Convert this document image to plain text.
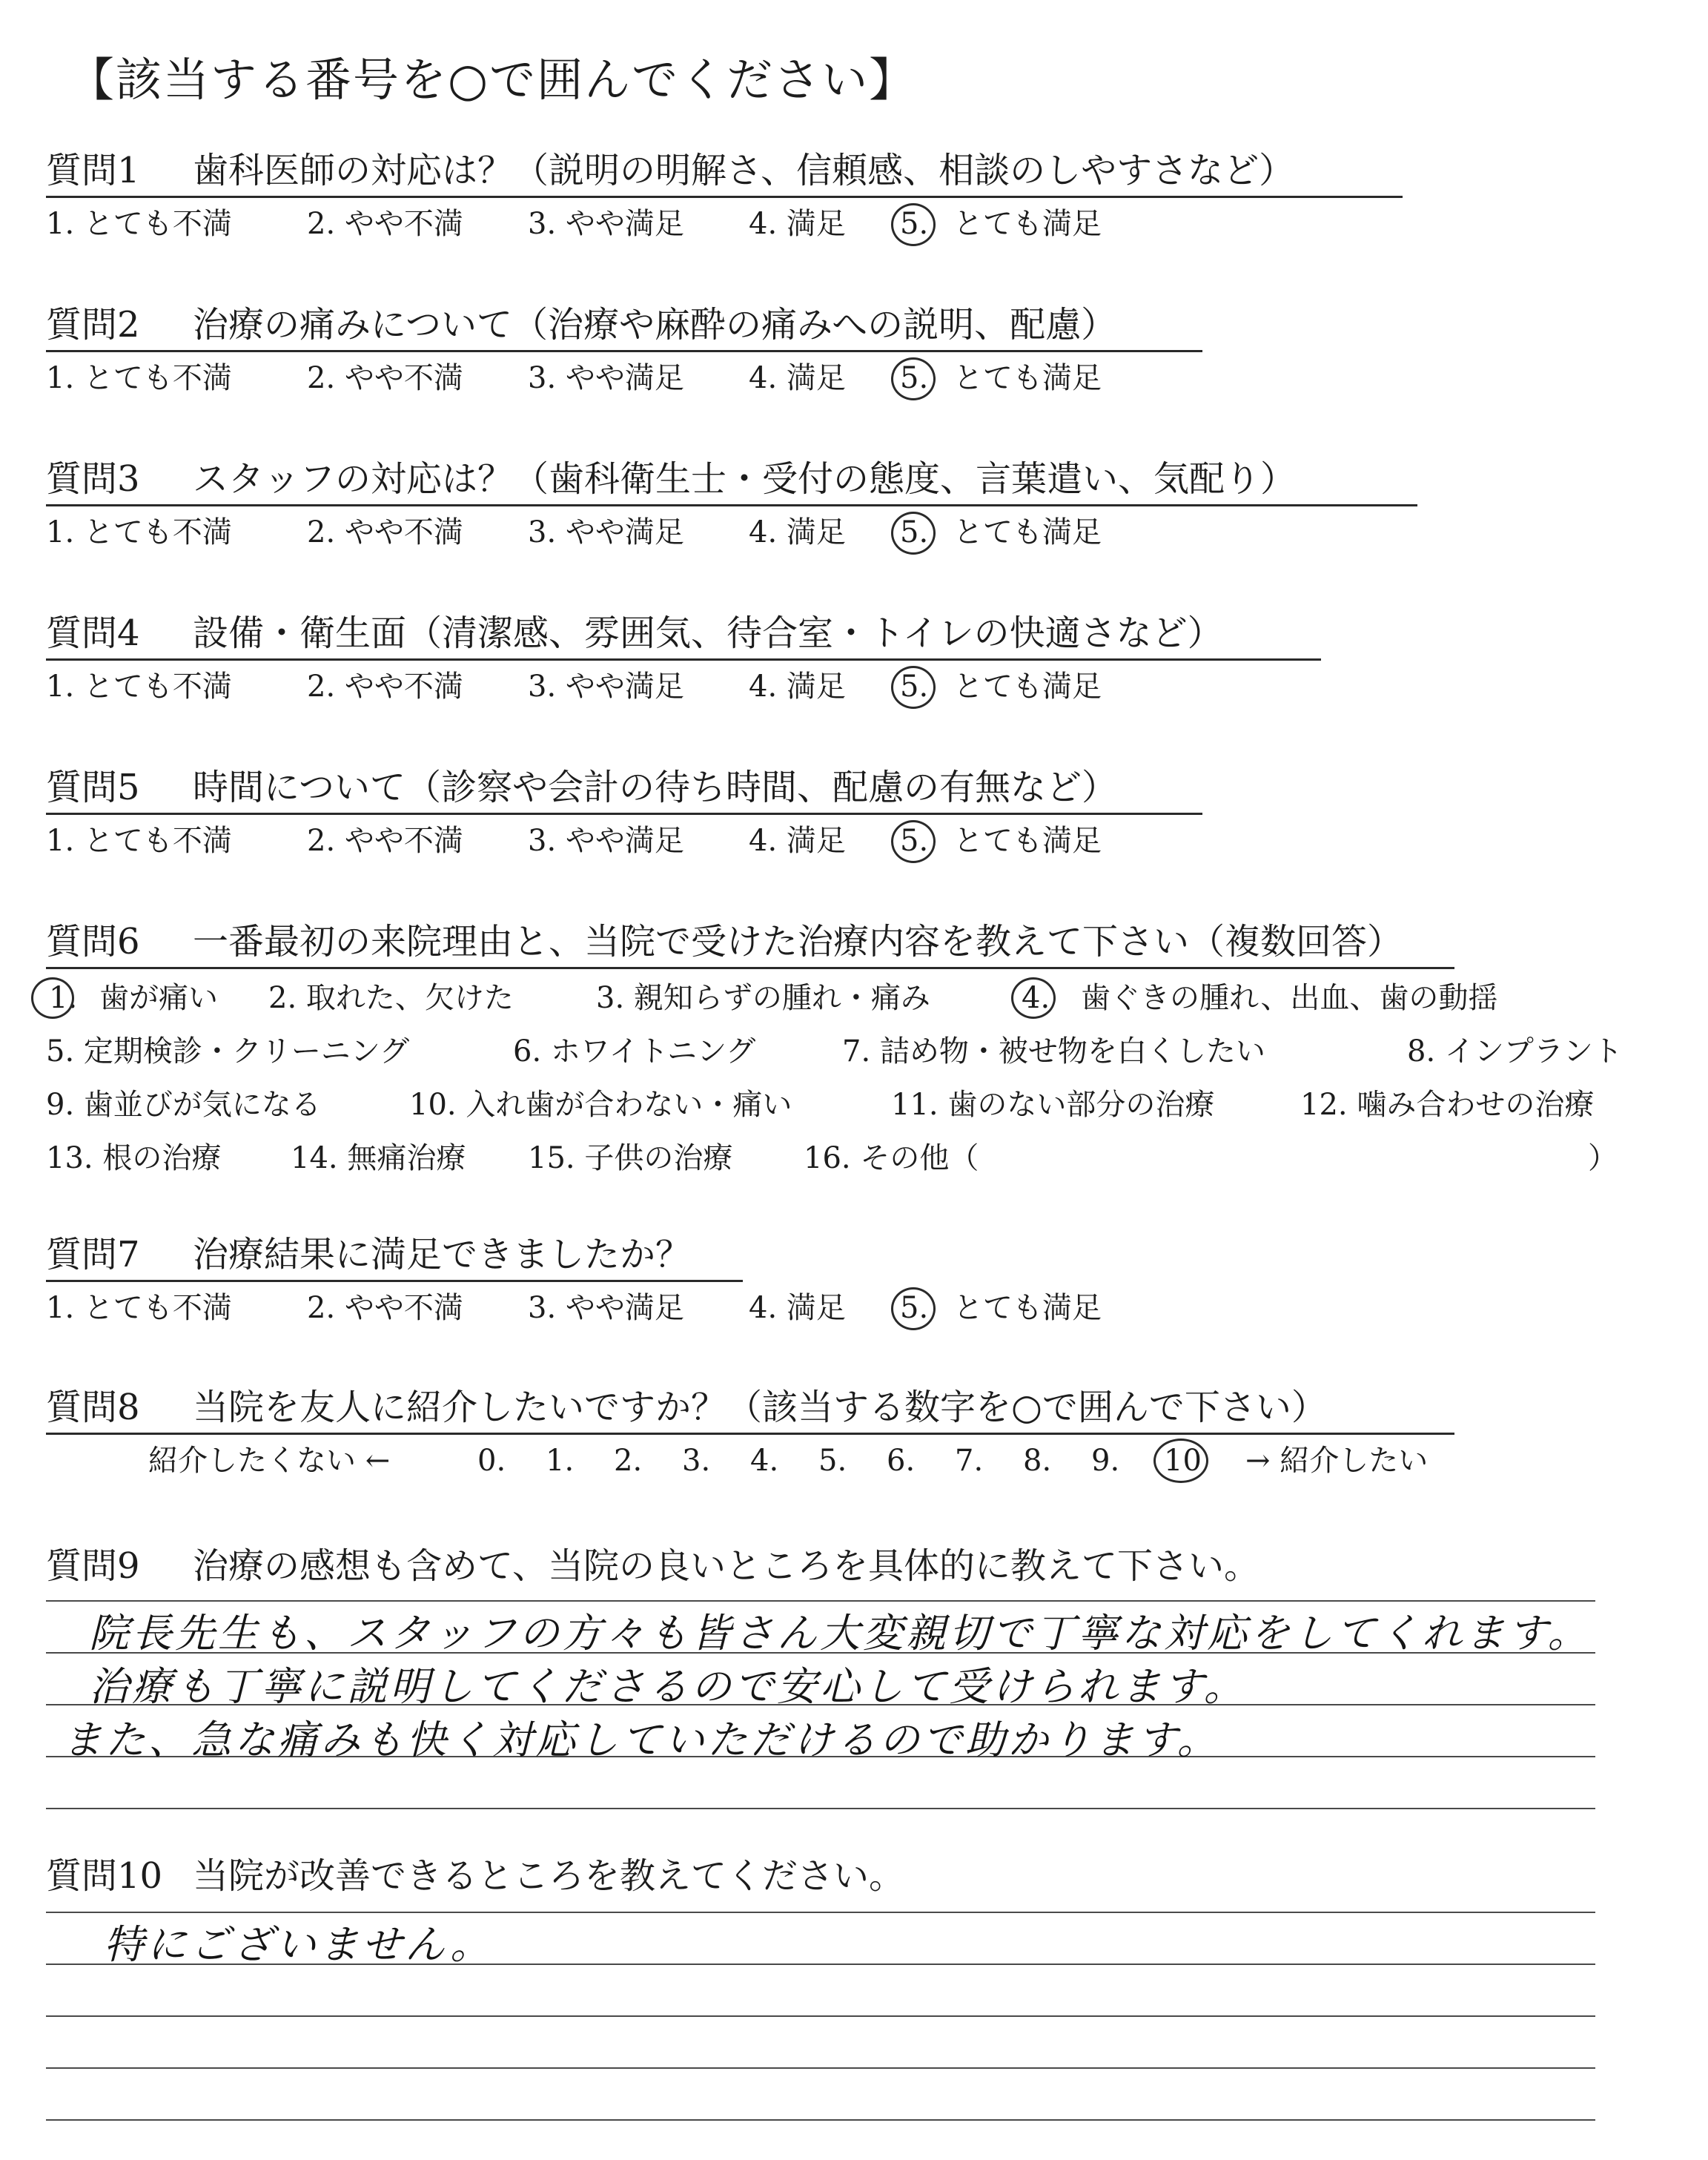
【該当する番号を○で囲んでください】
質問1 歯科医師の対応は？（説明の明解さ、信頼感、相談のしやすさなど）
1. とても不満	2. やや不満 3. やや満足 4. 満足 5. とても満足
質問2 治療の痛みについて（治療や麻酔の痛みへの説明、配慮）
1. とても不満	2. やや不満 3. やや満足 4. 満足 5. とても満足
質問3 スタッフの対応は？（歯科衛生士・受付の態度、言葉遣い、気配り）
1. とても不満	2. やや不満 3. やや満足 4. 満足 5. とても満足
質問4 設備・衛生面（清潔感、雰囲気、待合室・トイレの快適さなど）
1. とても不満	2. やや不満 3. やや満足 4. 満足 5. とても満足
質問5 時間について（診察や会計の待ち時間、配慮の有無など）
1. とても不満	2. やや不満 3. やや満足 4. 満足 5. とても満足
質問6 一番最初の来院理由と、当院で受けた治療内容を教えて下さい（複数回答）
1. 歯が痛い 2. 取れた、欠けた	3. 親知らずの腫れ・痛み	4. 歯ぐきの腫れ、出血、歯の動揺
5. 定期検診・クリーニング	6. ホワイトニング	7. 詰め物・被せ物を白くしたい	8. インプラント
9. 歯並びが気になる	10. 入れ歯が合わない・痛い	11. 歯のない部分の治療	12. 噛み合わせの治療
13. 根の治療 14. 無痛治療 15. 子供の治療 16. その他（	）
質問7 治療結果に満足できましたか？
1. とても不満	2. やや不満 3. やや満足 4. 満足 5. とても満足
質問8 当院を友人に紹介したいですか？（該当する数字を○で囲んで下さい）
紹介したくない ←	0. 1. 2. 3. 4. 5. 6. 7. 8. 9. 10 → 紹介したい
質問9 治療の感想も含めて、当院の良いところを具体的に教えて下さい。
院長先生も、スタッフの方々も皆さん大変親切で丁寧な対応をしてくれます。
治療も丁寧に説明してくださるので安心して受けられます。
また、急な痛みも快く対応していただけるので助かります。
質問10 当院が改善できるところを教えてください。
特にございません。
